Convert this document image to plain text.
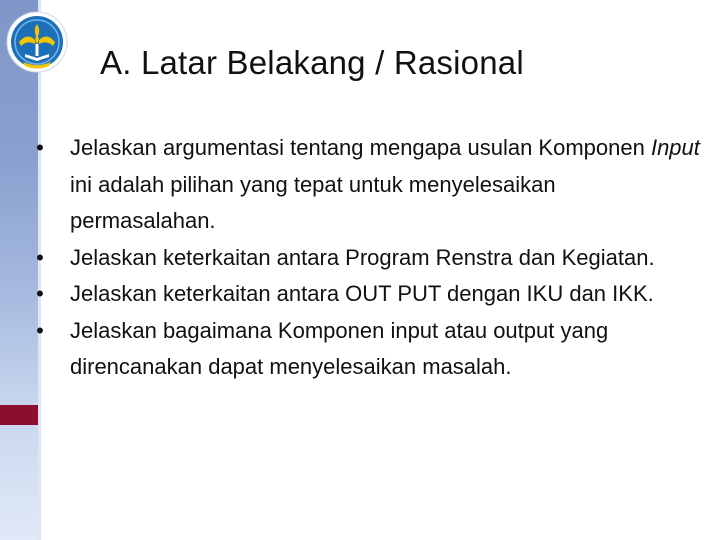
A. Latar Belakang / Rasional
• Jelaskan argumentasi tentang mengapa usulan Komponen Input ini adalah pilihan yang tepat untuk menyelesaikan permasalahan.
• Jelaskan keterkaitan antara Program Renstra dan Kegiatan.
• Jelaskan keterkaitan antara OUT PUT dengan IKU dan IKK.
• Jelaskan bagaimana Komponen input atau output yang direncanakan dapat menyelesaikan masalah.
